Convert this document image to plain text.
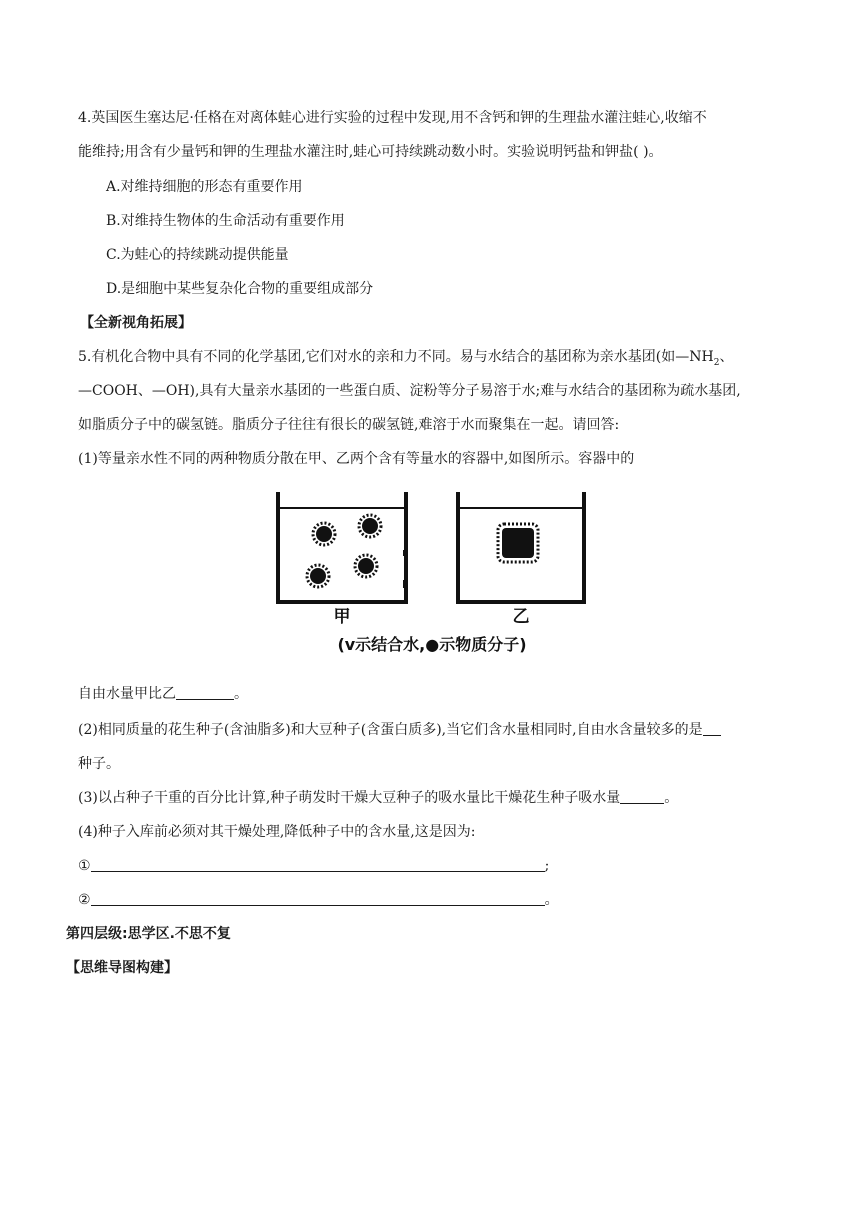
4.英国医生塞达尼·任格在对离体蛙心进行实验的过程中发现,用不含钙和钾的生理盐水灌注蛙心,收缩不
能维持;用含有少量钙和钾的生理盐水灌注时,蛙心可持续跳动数小时。实验说明钙盐和钾盐( )。
A.对维持细胞的形态有重要作用
B.对维持生物体的生命活动有重要作用
C.为蛙心的持续跳动提供能量
D.是细胞中某些复杂化合物的重要组成部分
【全新视角拓展】
5.有机化合物中具有不同的化学基团,它们对水的亲和力不同。易与水结合的基团称为亲水基团(如$—NH_2$、
—COOH、—OH),具有大量亲水基团的一些蛋白质、淀粉等分子易溶于水;难与水结合的基团称为疏水基团,
如脂质分子中的碳氢链。脂质分子往往有很长的碳氢链,难溶于水而聚集在一起。请回答:
(1)等量亲水性不同的两种物质分散在甲、乙两个含有等量水的容器中,如图所示。容器中的
甲	乙
(v示结合水,●示物质分子)
自由水量甲比乙	。
(2)相同质量的花生种子(含油脂多)和大豆种子(含蛋白质多),当它们含水量相同时,自由水含量较多的是
种子。
(3)以占种子干重的百分比计算,种子萌发时干燥大豆种子的吸水量比干燥花生种子吸水量	。
(4)种子入库前必须对其干燥处理,降低种子中的含水量,这是因为:
①	;
②	。
第四层级:思学区.不思不复
【思维导图构建】
